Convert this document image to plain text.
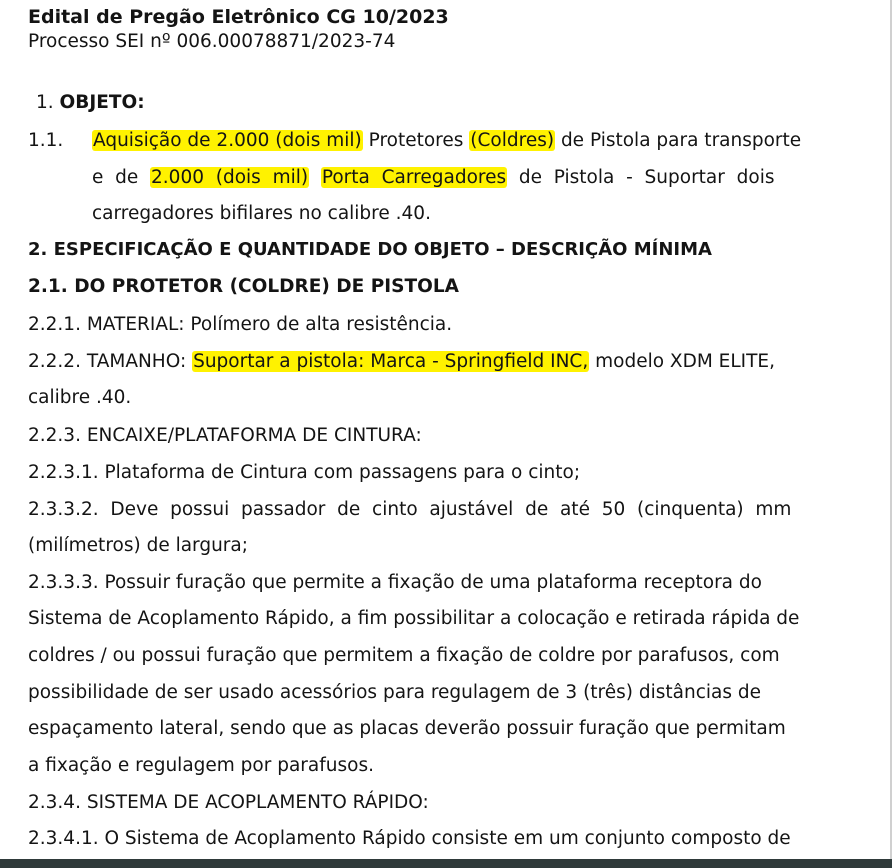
Edital de Pregão Eletrônico CG 10/2023
Processo SEI nº 006.00078871/2023-74
1. OBJETO:
1.1. Aquisição de 2.000 (dois mil) Protetores (Coldres) de Pistola para transporte
e  de  2.000  (dois  mil) Porta  Carregadores  de  Pistola  -  Suportar  dois
carregadores bifilares no calibre .40.
2. ESPECIFICAÇÃO E QUANTIDADE DO OBJETO – DESCRIÇÃO MÍNIMA
2.1. DO PROTETOR (COLDRE) DE PISTOLA
2.2.1. MATERIAL: Polímero de alta resistência.
2.2.2. TAMANHO: Suportar a pistola: Marca - Springfield INC, modelo XDM ELITE,
calibre .40.
2.2.3. ENCAIXE/PLATAFORMA DE CINTURA:
2.2.3.1. Plataforma de Cintura com passagens para o cinto;
2.3.3.2.  Deve  possui  passador  de  cinto  ajustável  de  até  50  (cinquenta)  mm
(milímetros) de largura;
2.3.3.3. Possuir furação que permite a fixação de uma plataforma receptora do
Sistema de Acoplamento Rápido, a fim possibilitar a colocação e retirada rápida de
coldres / ou possui furação que permitem a fixação de coldre por parafusos, com
possibilidade de ser usado acessórios para regulagem de 3 (três) distâncias de
espaçamento lateral, sendo que as placas deverão possuir furação que permitam
a fixação e regulagem por parafusos.
2.3.4. SISTEMA DE ACOPLAMENTO RÁPIDO:
2.3.4.1. O Sistema de Acoplamento Rápido consiste em um conjunto composto de
